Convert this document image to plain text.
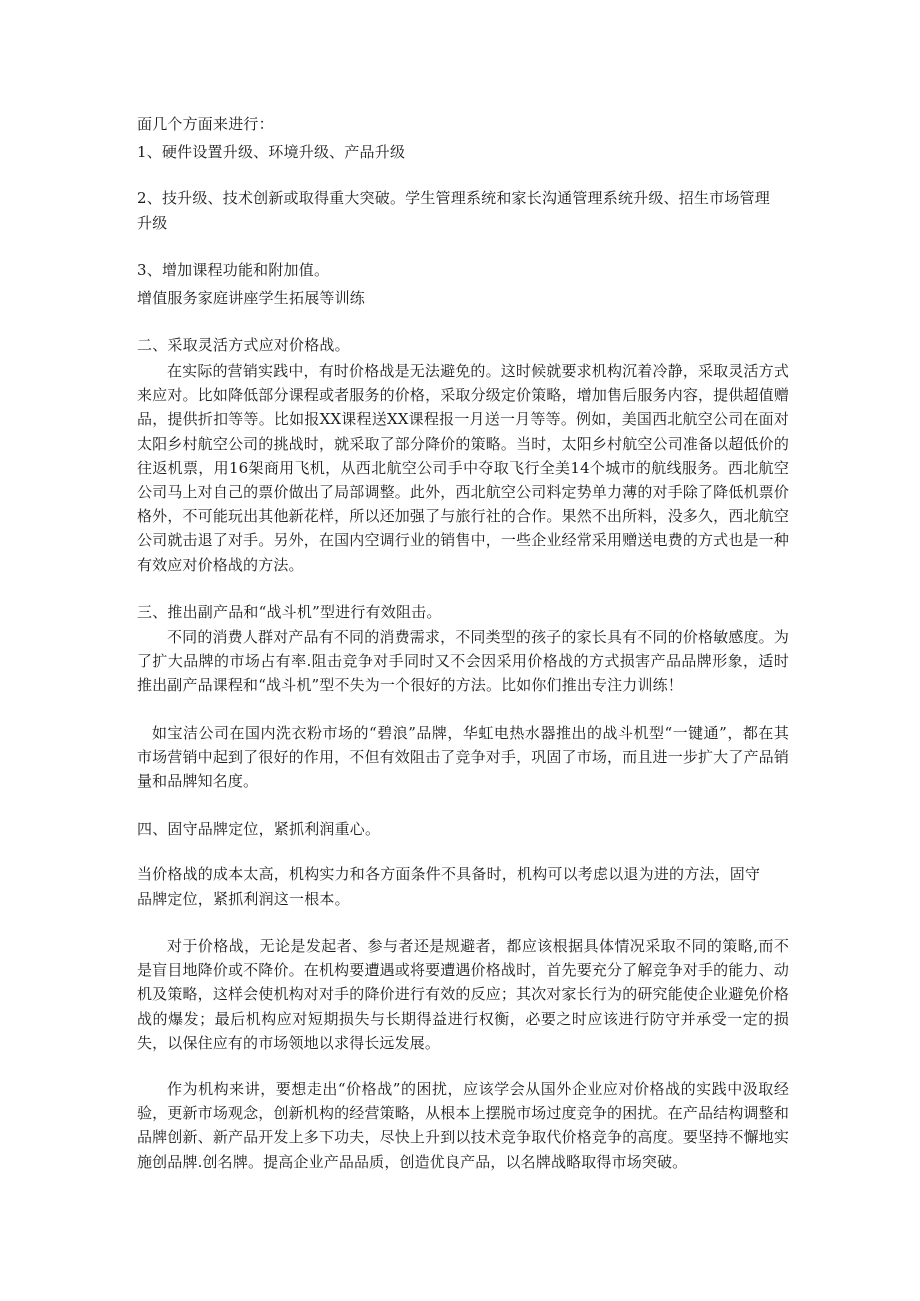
面几个方面来进行：
1、硬件设置升级、环境升级、产品升级
2、技升级、技术创新或取得重大突破。学生管理系统和家长沟通管理系统升级、招生市场管理
升级
3、增加课程功能和附加值。
增值服务家庭讲座学生拓展等训练
二、采取灵活方式应对价格战。
在实际的营销实践中，有时价格战是无法避免的。这时候就要求机构沉着冷静，采取灵活方式来应对。比如降低部分课程或者服务的价格，采取分级定价策略，增加售后服务内容，提供超值赠品，提供折扣等等。比如报XX课程送XX课程报一月送一月等等。例如，美国西北航空公司在面对太阳乡村航空公司的挑战时，就采取了部分降价的策略。当时，太阳乡村航空公司准备以超低价的往返机票，用16架商用飞机，从西北航空公司手中夺取飞行全美14个城市的航线服务。西北航空公司马上对自己的票价做出了局部调整。此外，西北航空公司料定势单力薄的对手除了降低机票价格外，不可能玩出其他新花样，所以还加强了与旅行社的合作。果然不出所料，没多久，西北航空公司就击退了对手。另外，在国内空调行业的销售中，一些企业经常采用赠送电费的方式也是一种有效应对价格战的方法。
三、推出副产品和“战斗机”型进行有效阻击。
不同的消费人群对产品有不同的消费需求，不同类型的孩子的家长具有不同的价格敏感度。为了扩大品牌的市场占有率.阻击竞争对手同时又不会因采用价格战的方式损害产品品牌形象，适时推出副产品课程和“战斗机”型不失为一个很好的方法。比如你们推出专注力训练！
如宝洁公司在国内洗衣粉市场的“碧浪”品牌，华虹电热水器推出的战斗机型“一键通”，都在其市场营销中起到了很好的作用，不但有效阻击了竞争对手，巩固了市场，而且进一步扩大了产品销量和品牌知名度。
四、固守品牌定位，紧抓利润重心。
当价格战的成本太高，机构实力和各方面条件不具备时，机构可以考虑以退为进的方法，固守
品牌定位，紧抓利润这一根本。
对于价格战，无论是发起者、参与者还是规避者，都应该根据具体情况采取不同的策略,而不是盲目地降价或不降价。在机构要遭遇或将要遭遇价格战时，首先要充分了解竞争对手的能力、动机及策略，这样会使机构对对手的降价进行有效的反应；其次对家长行为的研究能使企业避免价格战的爆发；最后机构应对短期损失与长期得益进行权衡，必要之时应该进行防守并承受一定的损失，以保住应有的市场领地以求得长远发展。
作为机构来讲，要想走出“价格战”的困扰，应该学会从国外企业应对价格战的实践中汲取经验，更新市场观念，创新机构的经营策略，从根本上摆脱市场过度竞争的困扰。在产品结构调整和品牌创新、新产品开发上多下功夫，尽快上升到以技术竞争取代价格竞争的高度。要坚持不懈地实施创品牌.创名牌。提高企业产品品质，创造优良产品，以名牌战略取得市场突破。
